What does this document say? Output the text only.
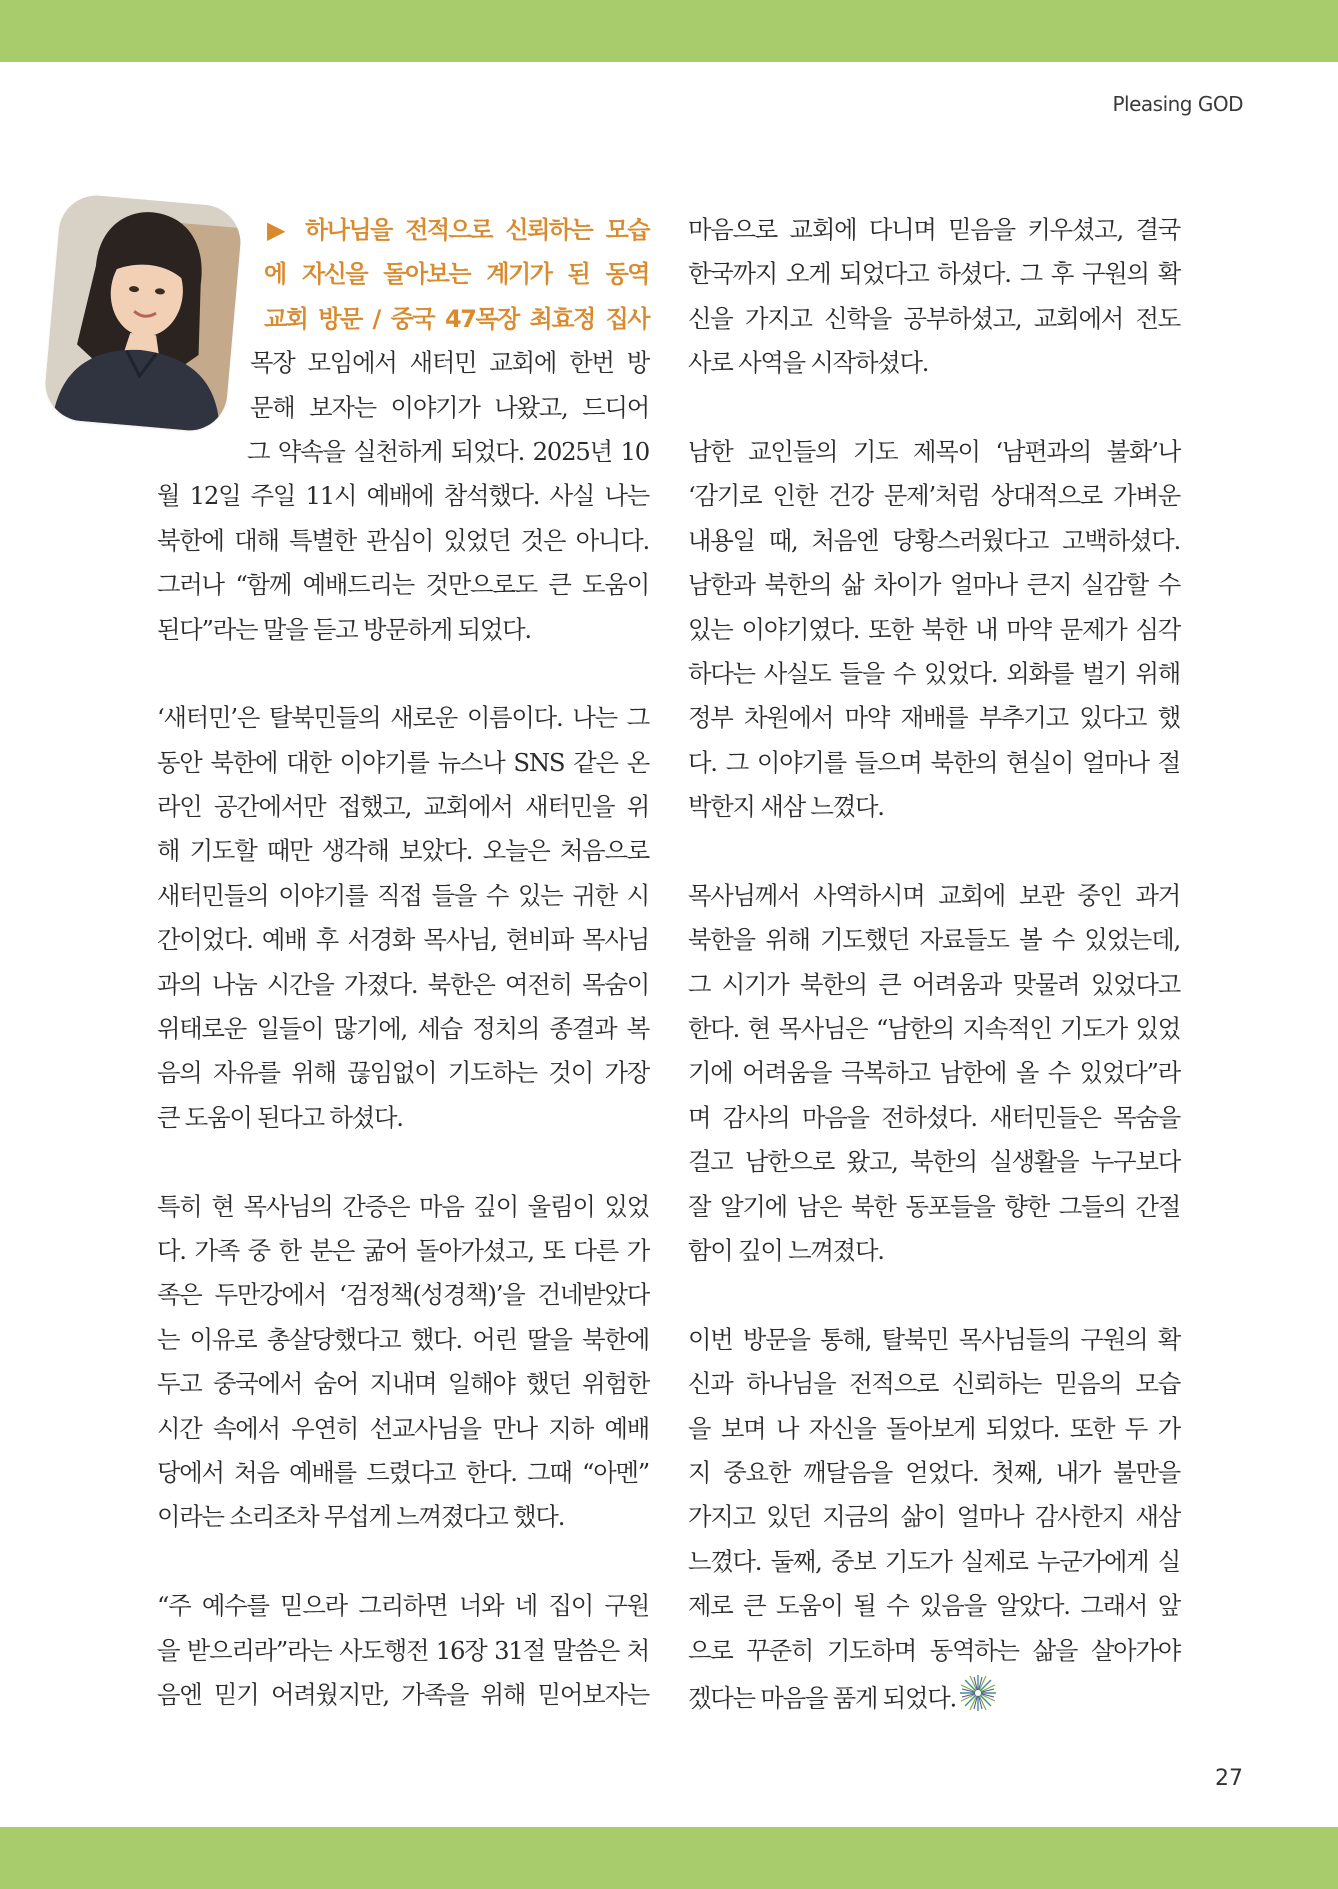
Pleasing GOD
▶ 하나님을 전적으로 신뢰하는 모습
에 자신을 돌아보는 계기가 된 동역
교회 방문 / 중국 47목장 최효정 집사
목장 모임에서 새터민 교회에 한번 방
문해 보자는 이야기가 나왔고, 드디어
그 약속을 실천하게 되었다. 2025년 10
월 12일 주일 11시 예배에 참석했다. 사실 나는
북한에 대해 특별한 관심이 있었던 것은 아니다.
그러나 “함께 예배드리는 것만으로도 큰 도움이
된다”라는 말을 듣고 방문하게 되었다.
‘새터민’은 탈북민들의 새로운 이름이다. 나는 그
동안 북한에 대한 이야기를 뉴스나 SNS 같은 온
라인 공간에서만 접했고, 교회에서 새터민을 위
해 기도할 때만 생각해 보았다. 오늘은 처음으로
새터민들의 이야기를 직접 들을 수 있는 귀한 시
간이었다. 예배 후 서경화 목사님, 현비파 목사님
과의 나눔 시간을 가졌다. 북한은 여전히 목숨이
위태로운 일들이 많기에, 세습 정치의 종결과 복
음의 자유를 위해 끊임없이 기도하는 것이 가장
큰 도움이 된다고 하셨다.
특히 현 목사님의 간증은 마음 깊이 울림이 있었
다. 가족 중 한 분은 굶어 돌아가셨고, 또 다른 가
족은 두만강에서 ‘검정책(성경책)’을 건네받았다
는 이유로 총살당했다고 했다. 어린 딸을 북한에
두고 중국에서 숨어 지내며 일해야 했던 위험한
시간 속에서 우연히 선교사님을 만나 지하 예배
당에서 처음 예배를 드렸다고 한다. 그때 “아멘”
이라는 소리조차 무섭게 느껴졌다고 했다.
“주 예수를 믿으라 그리하면 너와 네 집이 구원
을 받으리라”라는 사도행전 16장 31절 말씀은 처
음엔 믿기 어려웠지만, 가족을 위해 믿어보자는
마음으로 교회에 다니며 믿음을 키우셨고, 결국
한국까지 오게 되었다고 하셨다. 그 후 구원의 확
신을 가지고 신학을 공부하셨고, 교회에서 전도
사로 사역을 시작하셨다.
남한 교인들의 기도 제목이 ‘남편과의 불화’나
‘감기로 인한 건강 문제’처럼 상대적으로 가벼운
내용일 때, 처음엔 당황스러웠다고 고백하셨다.
남한과 북한의 삶 차이가 얼마나 큰지 실감할 수
있는 이야기였다. 또한 북한 내 마약 문제가 심각
하다는 사실도 들을 수 있었다. 외화를 벌기 위해
정부 차원에서 마약 재배를 부추기고 있다고 했
다. 그 이야기를 들으며 북한의 현실이 얼마나 절
박한지 새삼 느꼈다.
목사님께서 사역하시며 교회에 보관 중인 과거
북한을 위해 기도했던 자료들도 볼 수 있었는데,
그 시기가 북한의 큰 어려움과 맞물려 있었다고
한다. 현 목사님은 “남한의 지속적인 기도가 있었
기에 어려움을 극복하고 남한에 올 수 있었다”라
며 감사의 마음을 전하셨다. 새터민들은 목숨을
걸고 남한으로 왔고, 북한의 실생활을 누구보다
잘 알기에 남은 북한 동포들을 향한 그들의 간절
함이 깊이 느껴졌다.
이번 방문을 통해, 탈북민 목사님들의 구원의 확
신과 하나님을 전적으로 신뢰하는 믿음의 모습
을 보며 나 자신을 돌아보게 되었다. 또한 두 가
지 중요한 깨달음을 얻었다. 첫째, 내가 불만을
가지고 있던 지금의 삶이 얼마나 감사한지 새삼
느꼈다. 둘째, 중보 기도가 실제로 누군가에게 실
제로 큰 도움이 될 수 있음을 알았다. 그래서 앞
으로 꾸준히 기도하며 동역하는 삶을 살아가야
겠다는 마음을 품게 되었다.
27
